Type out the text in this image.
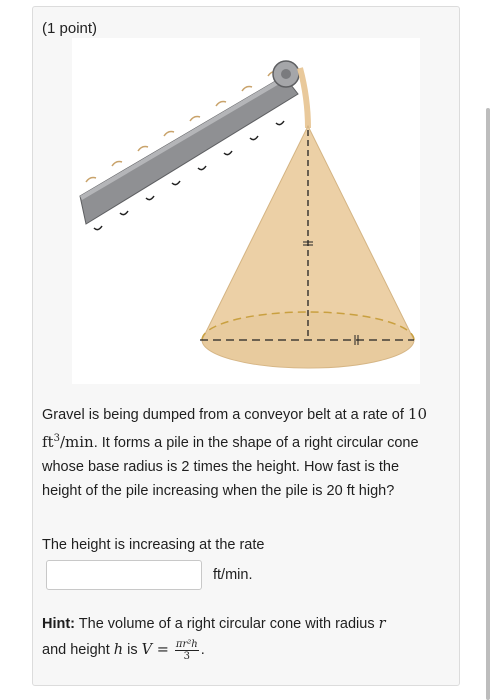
(1 point)
Gravel is being dumped from a conveyor belt at a rate of 10 $ft^3/\min$. It forms a pile in the shape of a right circular cone whose base radius is 2 times the height. How fast is the height of the pile increasing when the pile is 20 ft high?
The height is increasing at the rate
ft/min.
Hint: The volume of a right circular cone with radius r
and height h is $V = \frac{\text{πr²h}}{3}$ .
